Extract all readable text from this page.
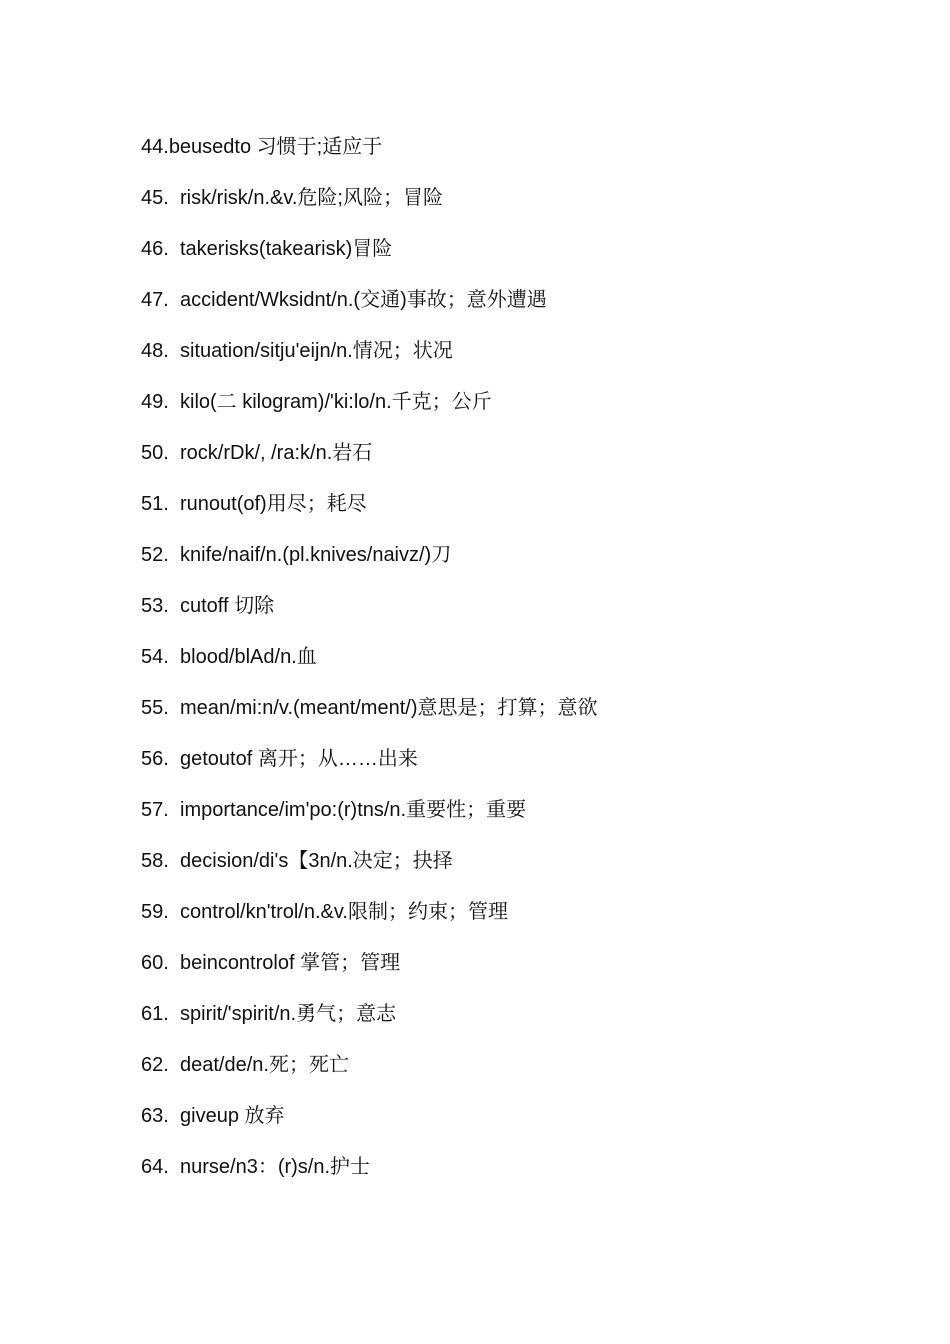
44. beusedto 习惯于;适应于
45. risk/risk/n.&v.危险;风险；冒险
46. takerisks(takearisk)冒险
47. accident/Wksidnt/n.(交通)事故；意外遭遇
48. situation/sitju'eijn/n.情况；状况
49. kilo(二 kilogram)/'ki:lo/n.千克；公斤
50. rock/rDk/, /ra:k/n.岩石
51. runout(of)用尽；耗尽
52. knife/naif/n.(pl.knives/naivz/)刀
53. cutoff 切除
54. blood/blAd/n.血
55. mean/mi:n/v.(meant/ment/)意思是；打算；意欲
56. getoutof 离开；从……出来
57. importance/im'po:(r)tns/n.重要性；重要
58. decision/di's【3n/n.决定；抉择
59. control/kn'trol/n.&v.限制；约束；管理
60. beincontrolof 掌管；管理
61. spirit/'spirit/n.勇气；意志
62. deat/de/n.死；死亡
63. giveup 放弃
64. nurse/n3：(r)s/n.护士
